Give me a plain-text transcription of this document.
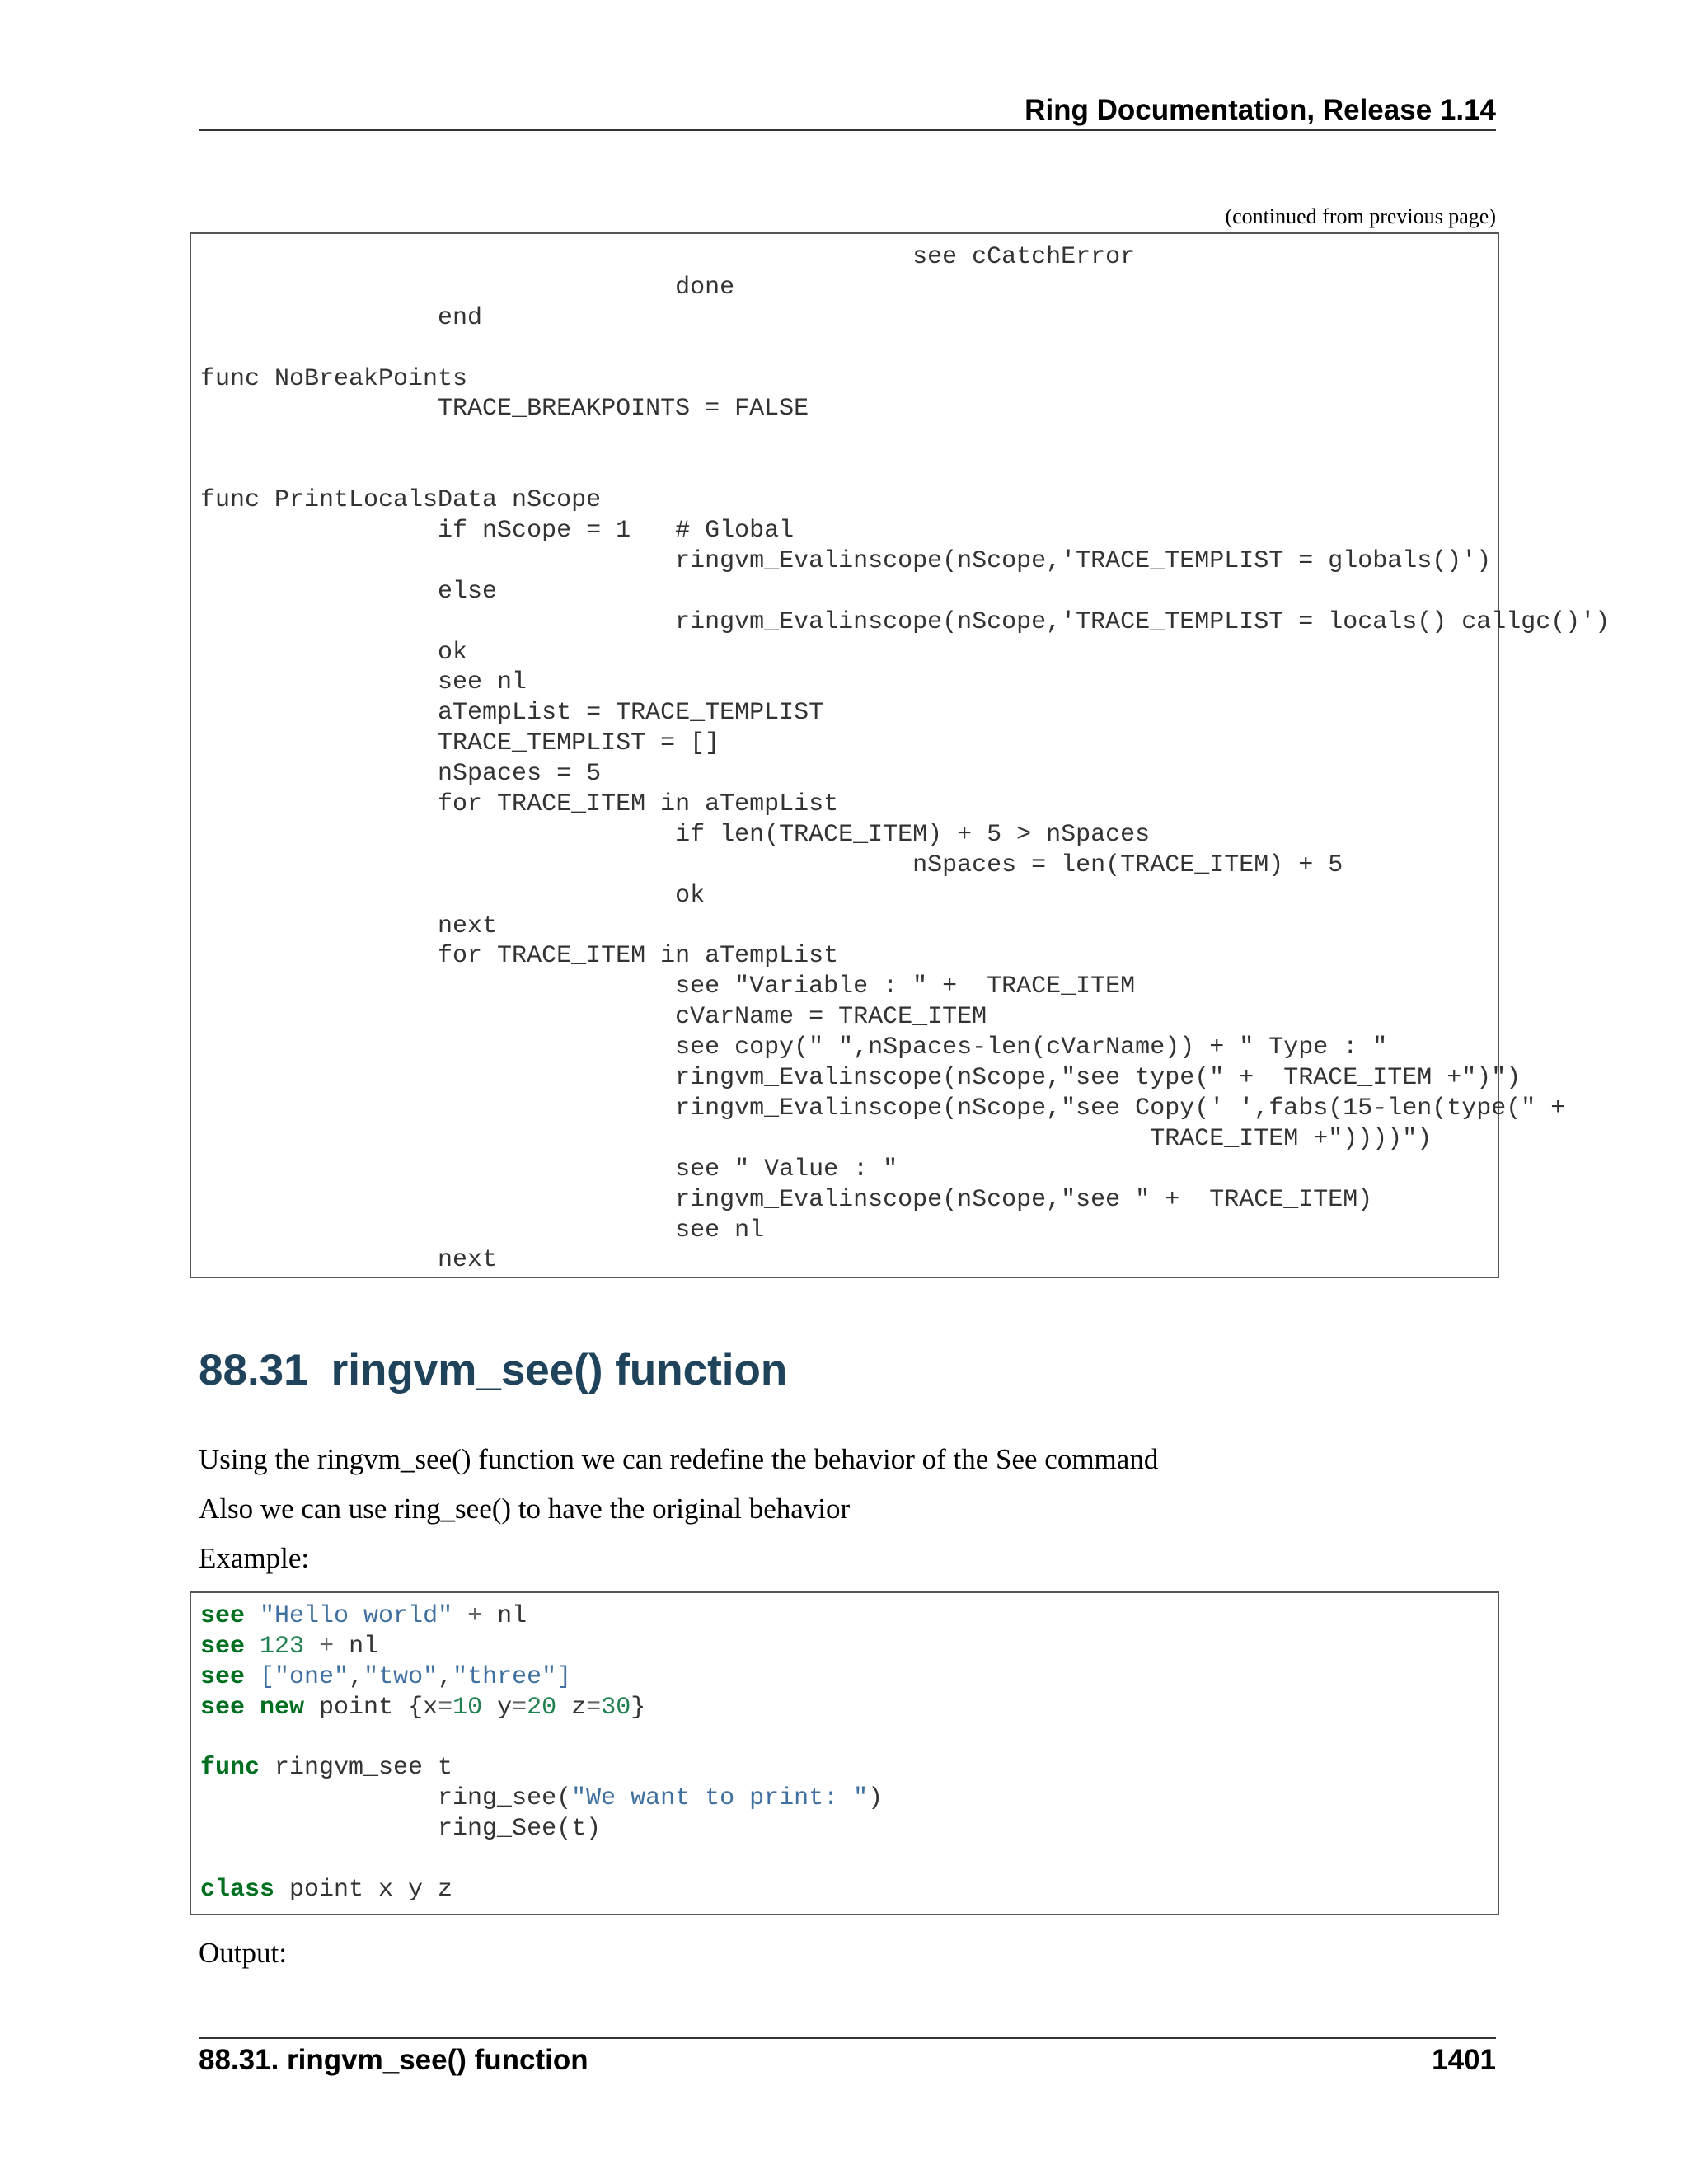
Ring Documentation, Release 1.14
(continued from previous page)
see cCatchError
done
end

func NoBreakPoints
TRACE_BREAKPOINTS = FALSE

func PrintLocalsData nScope
if nScope = 1   # Global
ringvm_Evalinscope(nScope,'TRACE_TEMPLIST = globals()')
else
ringvm_Evalinscope(nScope,'TRACE_TEMPLIST = locals() callgc()')
ok
see nl
aTempList = TRACE_TEMPLIST
TRACE_TEMPLIST = []
nSpaces = 5
for TRACE_ITEM in aTempList
if len(TRACE_ITEM) + 5 > nSpaces
nSpaces = len(TRACE_ITEM) + 5
ok
next
for TRACE_ITEM in aTempList
see "Variable : " +  TRACE_ITEM
cVarName = TRACE_ITEM
see copy(" ",nSpaces-len(cVarName)) + " Type : "
ringvm_Evalinscope(nScope,"see type(" +  TRACE_ITEM +")")
ringvm_Evalinscope(nScope,"see Copy(' ',fabs(15-len(type(" +
TRACE_ITEM +"))))")
see " Value : "
ringvm_Evalinscope(nScope,"see " +  TRACE_ITEM)
see nl
next
88.31 ringvm_see() function
Using the ringvm_see() function we can redefine the behavior of the See command
Also we can use ring_see() to have the original behavior
Example:
see "Hello world" + nl
see 123 + nl
see ["one","two","three"]
see new point {x=10 y=20 z=30}

func ringvm_see t
ring_see("We want to print: ")
ring_See(t)

class point x y z
Output:
88.31. ringvm_see() function	1401
